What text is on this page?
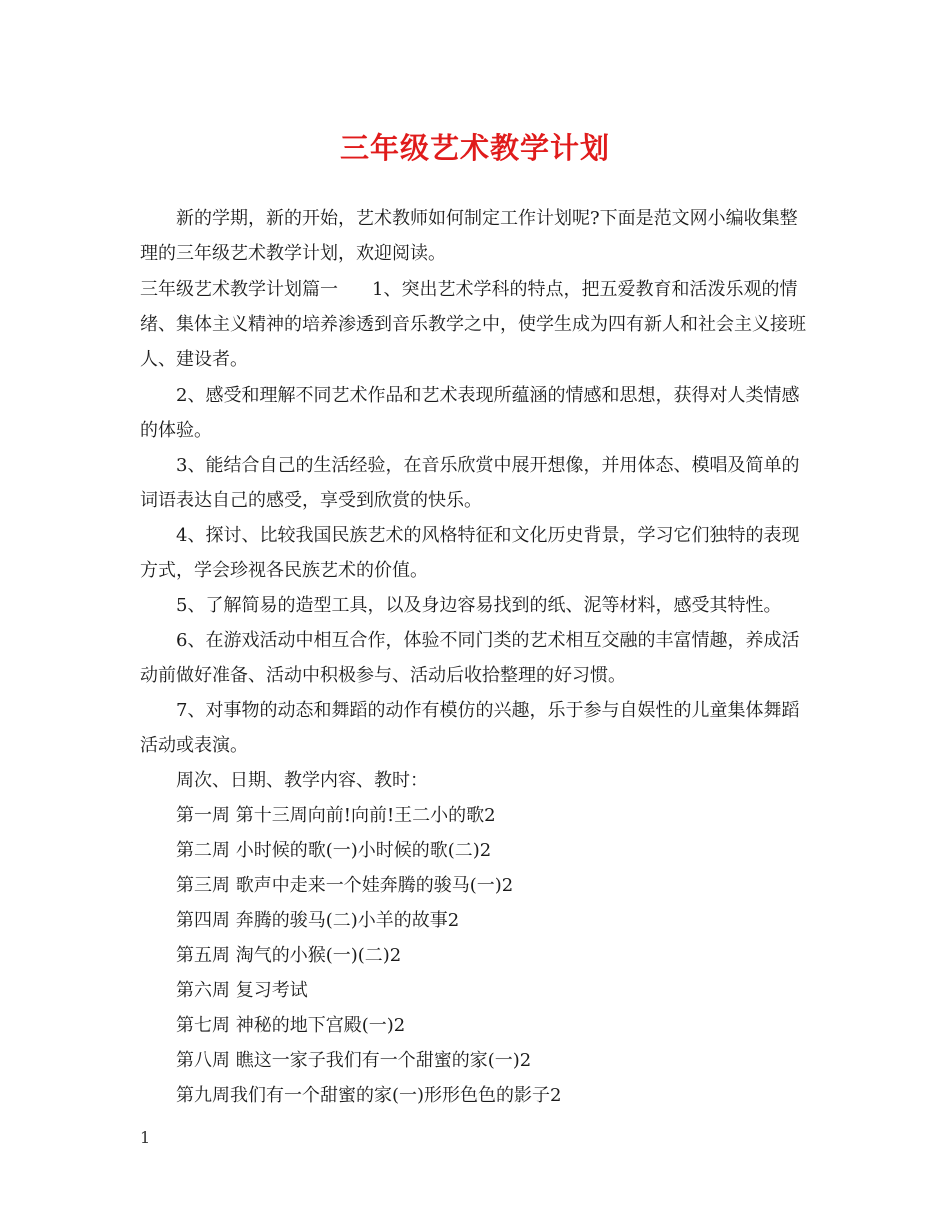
三年级艺术教学计划

新的学期，新的开始，艺术教师如何制定工作计划呢?下面是范文网小编收集整理的三年级艺术教学计划，欢迎阅读。

三年级艺术教学计划篇一 1、突出艺术学科的特点，把五爱教育和活泼乐观的情绪、集体主义精神的培养渗透到音乐教学之中，使学生成为四有新人和社会主义接班人、建设者。

2、感受和理解不同艺术作品和艺术表现所蕴涵的情感和思想，获得对人类情感的体验。

3、能结合自己的生活经验，在音乐欣赏中展开想像，并用体态、模唱及简单的词语表达自己的感受，享受到欣赏的快乐。

4、探讨、比较我国民族艺术的风格特征和文化历史背景，学习它们独特的表现方式，学会珍视各民族艺术的价值。

5、了解简易的造型工具，以及身边容易找到的纸、泥等材料，感受其特性。

6、在游戏活动中相互合作，体验不同门类的艺术相互交融的丰富情趣，养成活动前做好准备、活动中积极参与、活动后收拾整理的好习惯。

7、对事物的动态和舞蹈的动作有模仿的兴趣，乐于参与自娱性的儿童集体舞蹈活动或表演。

周次、日期、教学内容、教时：
第一周 第十三周向前!向前!王二小的歌2
第二周 小时候的歌(一)小时候的歌(二)2
第三周 歌声中走来一个娃奔腾的骏马(一)2
第四周 奔腾的骏马(二)小羊的故事2
第五周 淘气的小猴(一)(二)2
第六周 复习考试
第七周 神秘的地下宫殿(一)2
第八周 瞧这一家子我们有一个甜蜜的家(一)2
第九周我们有一个甜蜜的家(一)形形色色的影子2
1
